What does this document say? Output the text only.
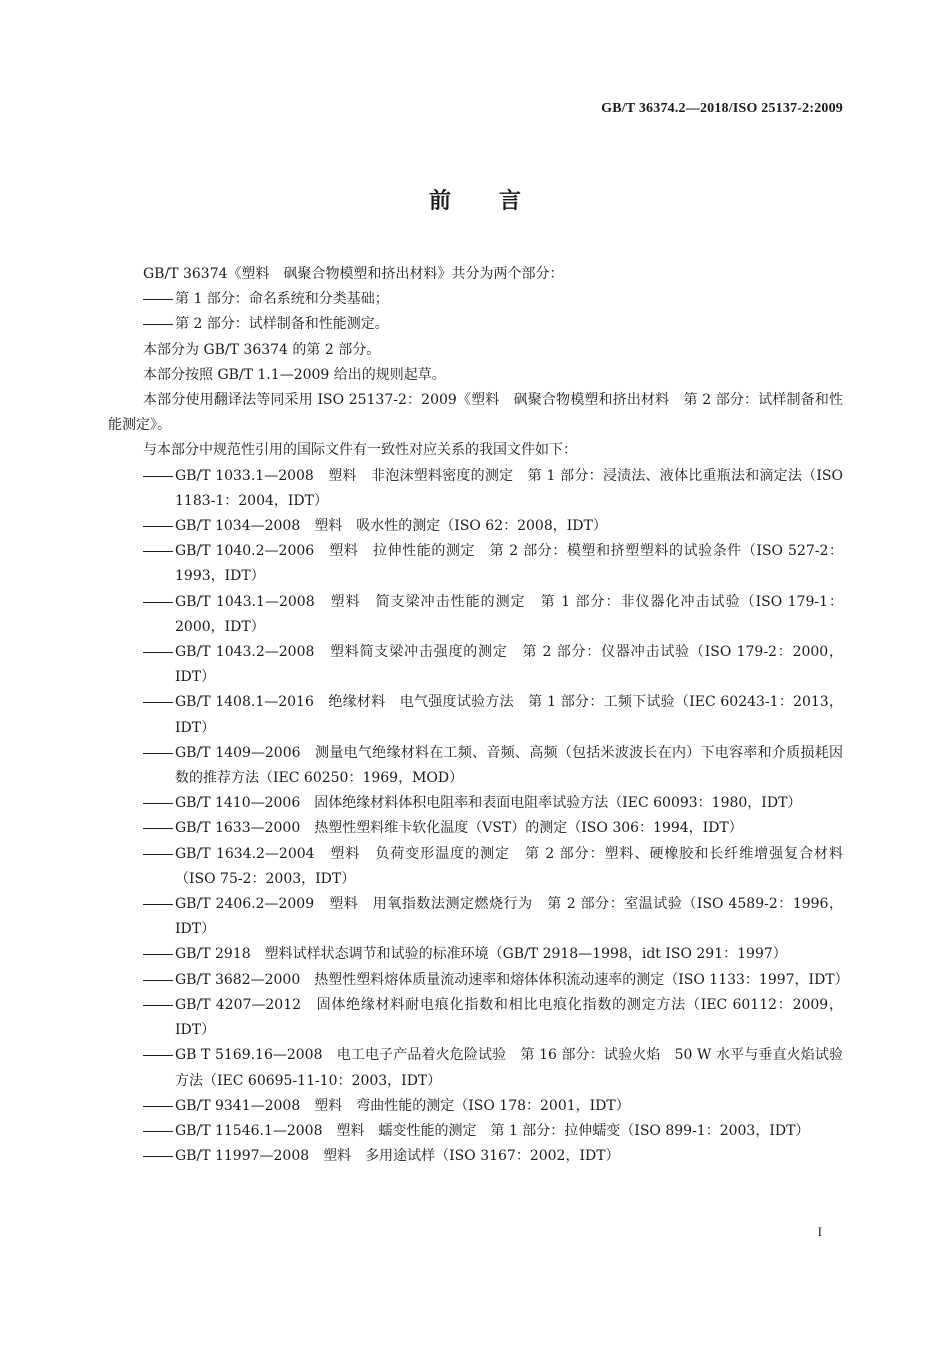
GB/T 36374.2—2018/ISO 25137-2:2009
前言

GB/T 36374《塑料　砜聚合物模塑和挤出材料》共分为两个部分：

第 1 部分：命名系统和分类基础；

第 2 部分：试样制备和性能测定。

本部分为 GB/T 36374 的第 2 部分。

本部分按照 GB/T 1.1—2009 给出的规则起草。

本部分使用翻译法等同采用 ISO 25137-2：2009《塑料　砜聚合物模塑和挤出材料　第 2 部分：试样制备和性能测定》。

与本部分中规范性引用的国际文件有一致性对应关系的我国文件如下：

GB/T 1033.1—2008　塑料　非泡沫塑料密度的测定　第 1 部分：浸渍法、液体比重瓶法和滴定法（ISO 1183-1：2004，IDT）

GB/T 1034—2008　塑料　吸水性的测定（ISO 62：2008，IDT）

GB/T 1040.2—2006　塑料　拉伸性能的测定　第 2 部分：模塑和挤塑塑料的试验条件（ISO 527-2：1993，IDT）

GB/T 1043.1—2008　塑料　简支梁冲击性能的测定　第 1 部分：非仪器化冲击试验（ISO 179-1：2000，IDT）

GB/T 1043.2—2008　塑料简支梁冲击强度的测定　第 2 部分：仪器冲击试验（ISO 179-2：2000，IDT）

GB/T 1408.1—2016　绝缘材料　电气强度试验方法　第 1 部分：工频下试验（IEC 60243-1：2013，IDT）

GB/T 1409—2006　测量电气绝缘材料在工频、音频、高频（包括米波波长在内）下电容率和介质损耗因数的推荐方法（IEC 60250：1969，MOD）

GB/T 1410—2006　固体绝缘材料体积电阻率和表面电阻率试验方法（IEC 60093：1980，IDT）

GB/T 1633—2000　热塑性塑料维卡软化温度（VST）的测定（ISO 306：1994，IDT）

GB/T 1634.2—2004　塑料　负荷变形温度的测定　第 2 部分：塑料、硬橡胶和长纤维增强复合材料（ISO 75-2：2003，IDT）

GB/T 2406.2—2009　塑料　用氧指数法测定燃烧行为　第 2 部分：室温试验（ISO 4589-2：1996，IDT）

GB/T 2918　塑料试样状态调节和试验的标准环境（GB/T 2918—1998，idt ISO 291：1997）

GB/T 3682—2000　热塑性塑料熔体质量流动速率和熔体体积流动速率的测定（ISO 1133：1997，IDT）

GB/T 4207—2012　固体绝缘材料耐电痕化指数和相比电痕化指数的测定方法（IEC 60112：2009，IDT）

GB T 5169.16—2008　电工电子产品着火危险试验　第 16 部分：试验火焰　50 W 水平与垂直火焰试验方法（IEC 60695-11-10：2003，IDT）

GB/T 9341—2008　塑料　弯曲性能的测定（ISO 178：2001，IDT）

GB/T 11546.1—2008　塑料　蠕变性能的测定　第 1 部分：拉伸蠕变（ISO 899-1：2003，IDT）

GB/T 11997—2008　塑料　多用途试样（ISO 3167：2002，IDT）

I
